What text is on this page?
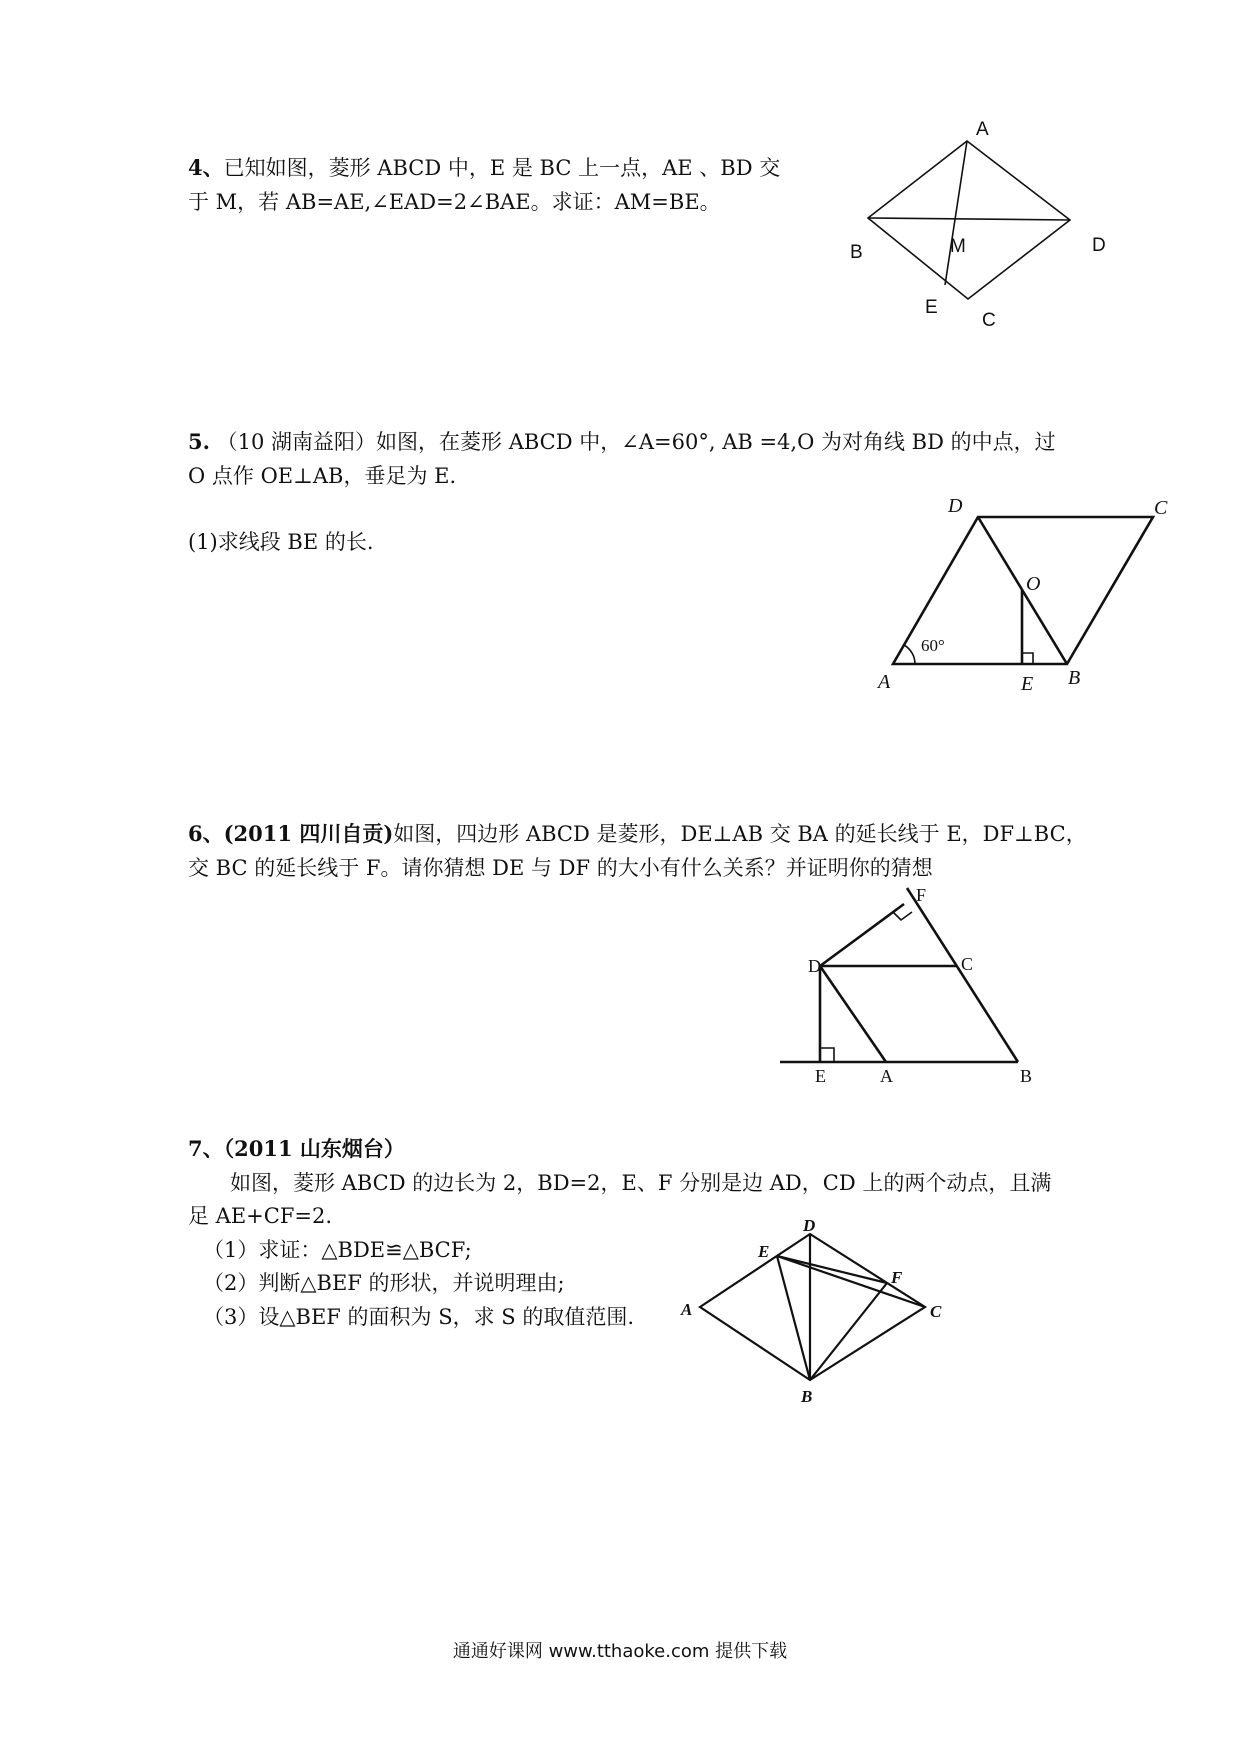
4、已知如图，菱形 ABCD 中，E 是 BC 上一点，AE 、BD 交
于 M，若 AB=AE,∠EAD=2∠BAE。求证：AM=BE。
A
B
C
D
E
M
5. （10 湖南益阳）如图，在菱形 ABCD 中，∠A=60°, AB =4,O 为对角线 BD 的中点，过
O 点作 OE⊥AB，垂足为 E.
(1)求线段 BE 的长.
60°
A	B
C
D
E
O
6、(2011 四川自贡)如图，四边形 ABCD 是菱形，DE⊥AB 交 BA 的延长线于 E，DF⊥BC，
交 BC 的延长线于 F。请你猜想 DE 与 DF 的大小有什么关系？并证明你的猜想
D	C
F
E	A	B
7、（2011 山东烟台）
如图，菱形 ABCD 的边长为 2，BD=2，E、F 分别是边 AD，CD 上的两个动点，且满
足 AE+CF=2.
（1）求证：△BDE≌△BCF;
（2）判断△BEF 的形状，并说明理由;
（3）设△BEF 的面积为 S，求 S 的取值范围.	A
B
C
D
E
F
通通好课网 www.tthaoke.com 提供下载
